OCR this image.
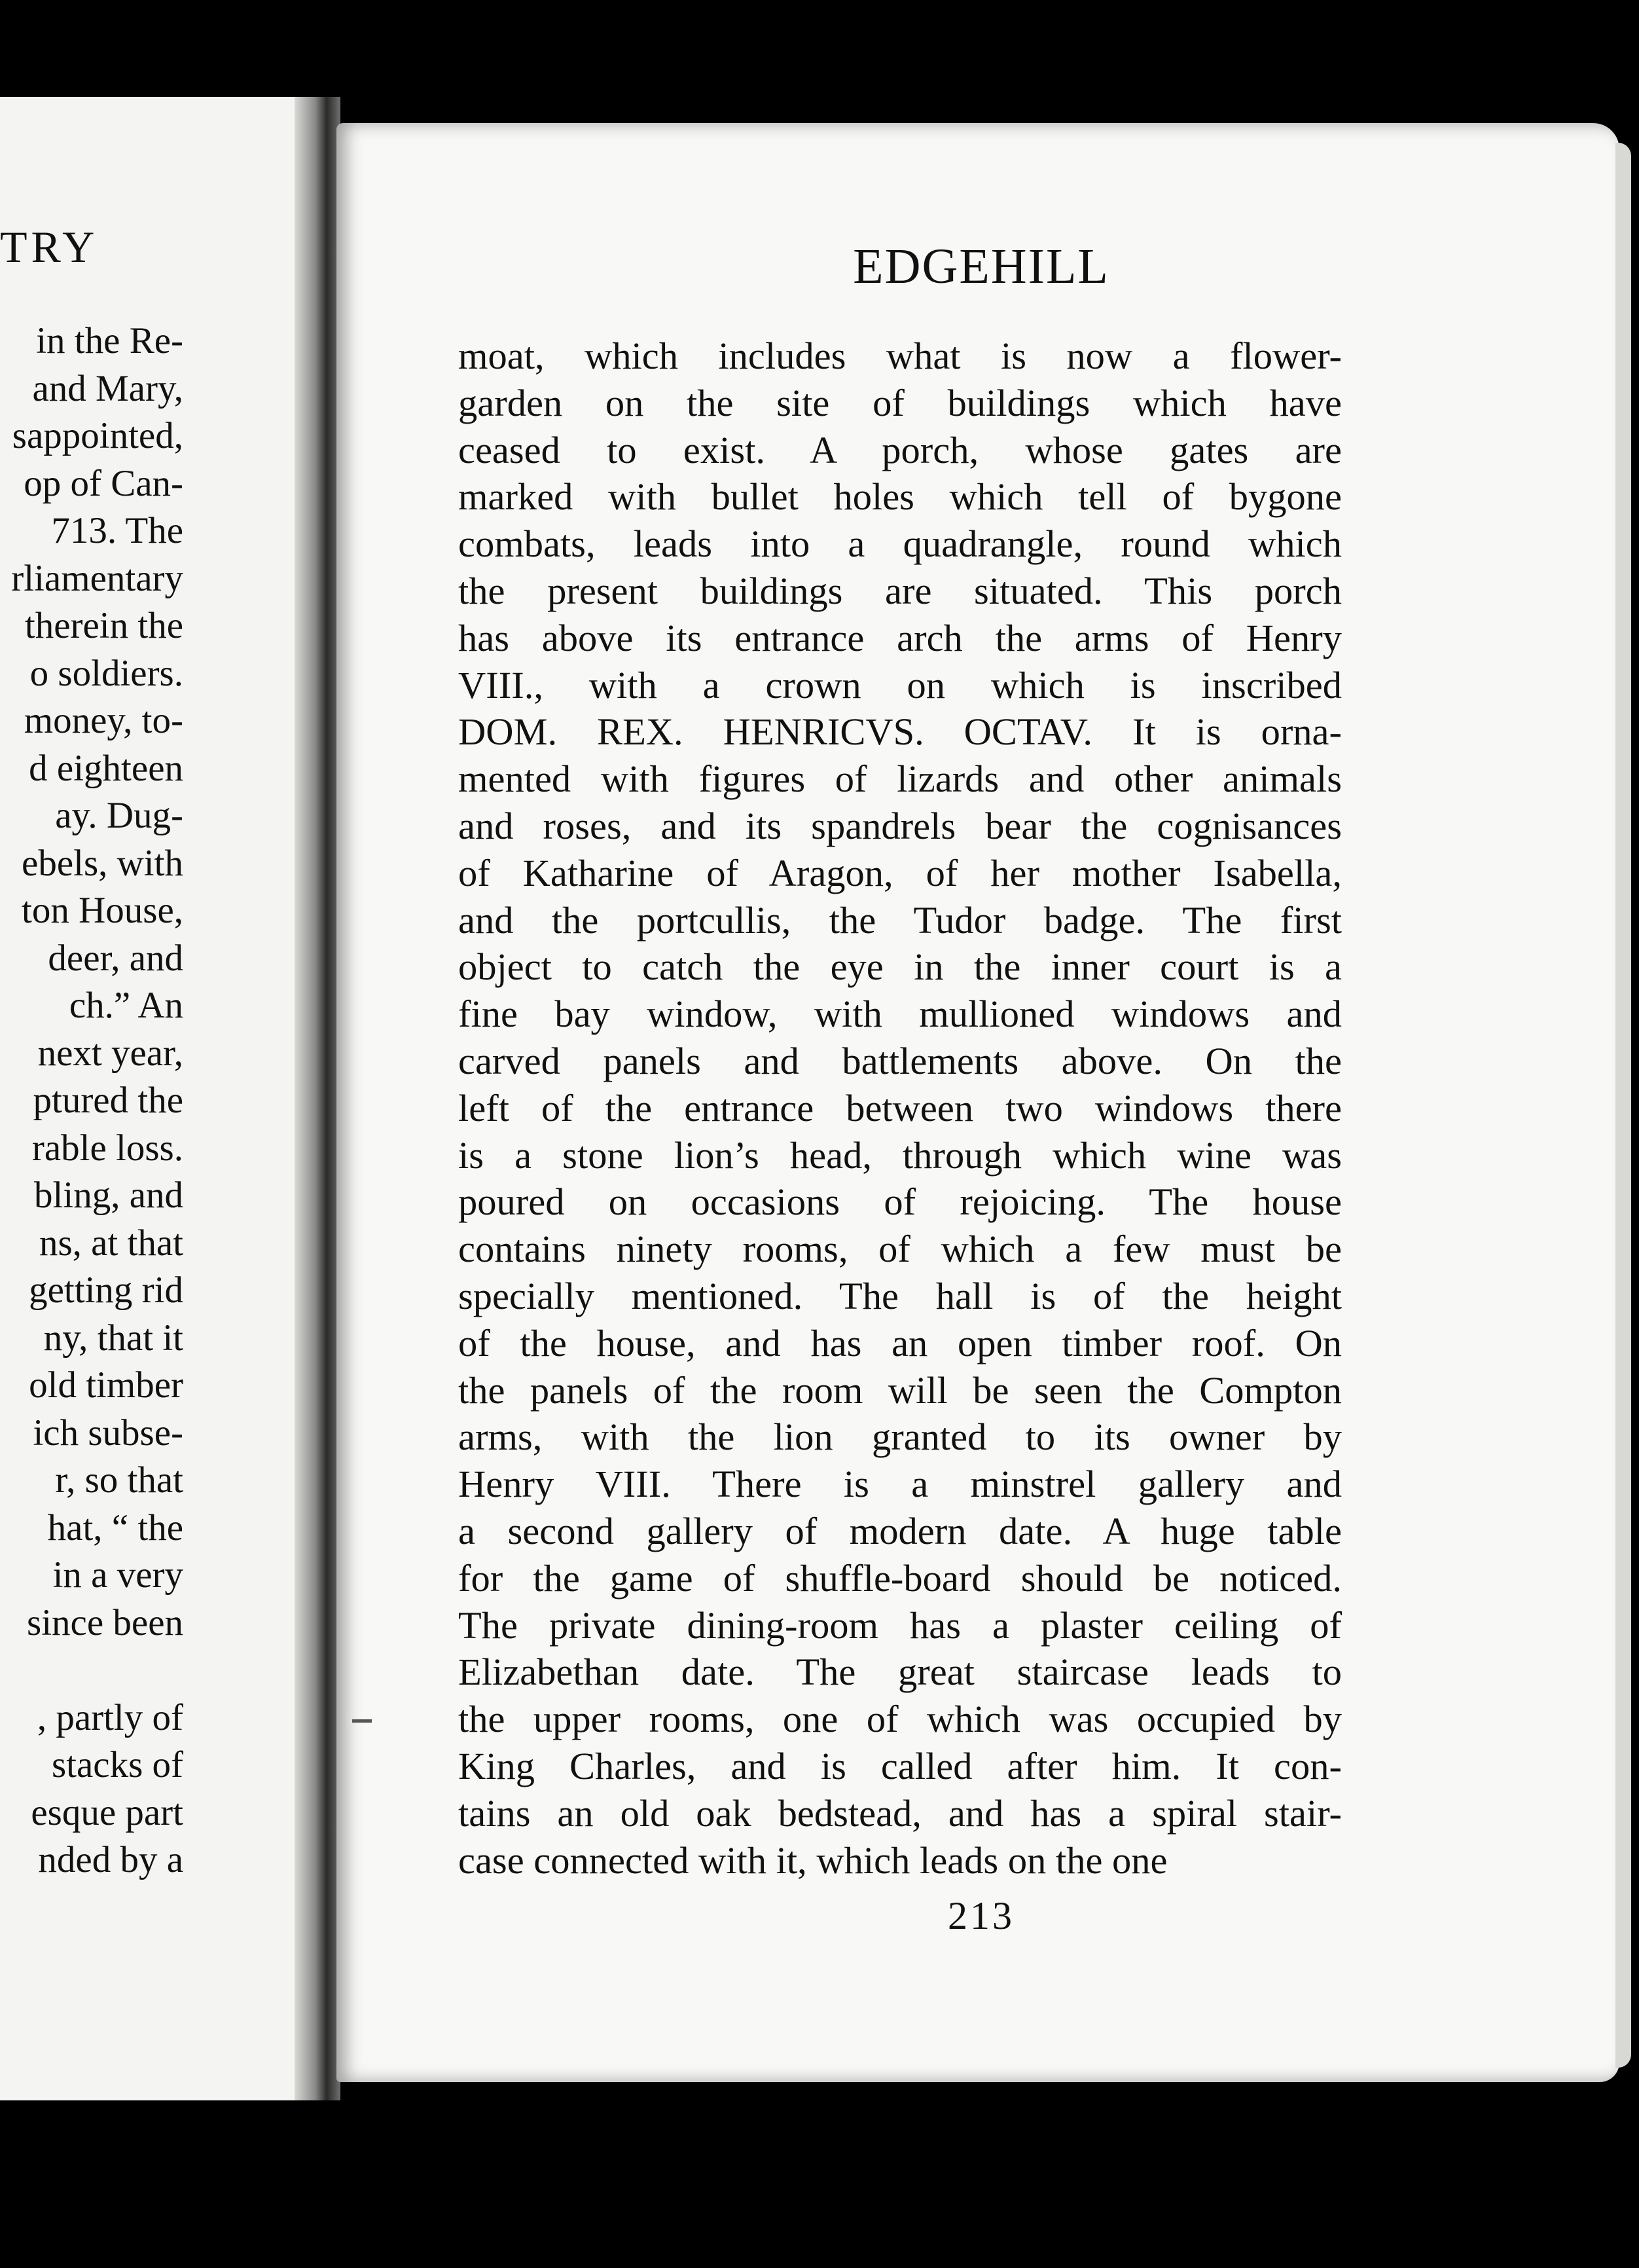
TRY
in the Re-
and Mary,
sappointed,
op of Can-
713. The
rliamentary
therein the
o soldiers.
money, to-
d eighteen
ay. Dug-
ebels, with
ton House,
deer, and
ch.” An
next year,
ptured the
rable loss.
bling, and
ns, at that
getting rid
ny, that it
old timber
ich subse-
r, so that
hat, “ the
in a very
since been
, partly of
stacks of
esque part
nded by a
EDGEHILL
moat, which includes what is now a flower-
garden on the site of buildings which have
ceased to exist. A porch, whose gates are
marked with bullet holes which tell of bygone
combats, leads into a quadrangle, round which
the present buildings are situated. This porch
has above its entrance arch the arms of Henry
VIII., with a crown on which is inscribed
DOM. REX. HENRICVS. OCTAV. It is orna-
mented with figures of lizards and other animals
and roses, and its spandrels bear the cognisances
of Katharine of Aragon, of her mother Isabella,
and the portcullis, the Tudor badge. The first
object to catch the eye in the inner court is a
fine bay window, with mullioned windows and
carved panels and battlements above. On the
left of the entrance between two windows there
is a stone lion’s head, through which wine was
poured on occasions of rejoicing. The house
contains ninety rooms, of which a few must be
specially mentioned. The hall is of the height
of the house, and has an open timber roof. On
the panels of the room will be seen the Compton
arms, with the lion granted to its owner by
Henry VIII. There is a minstrel gallery and
a second gallery of modern date. A huge table
for the game of shuffle-board should be noticed.
The private dining-room has a plaster ceiling of
Elizabethan date. The great staircase leads to
the upper rooms, one of which was occupied by
King Charles, and is called after him. It con-
tains an old oak bedstead, and has a spiral stair-
case connected with it, which leads on the one
213
